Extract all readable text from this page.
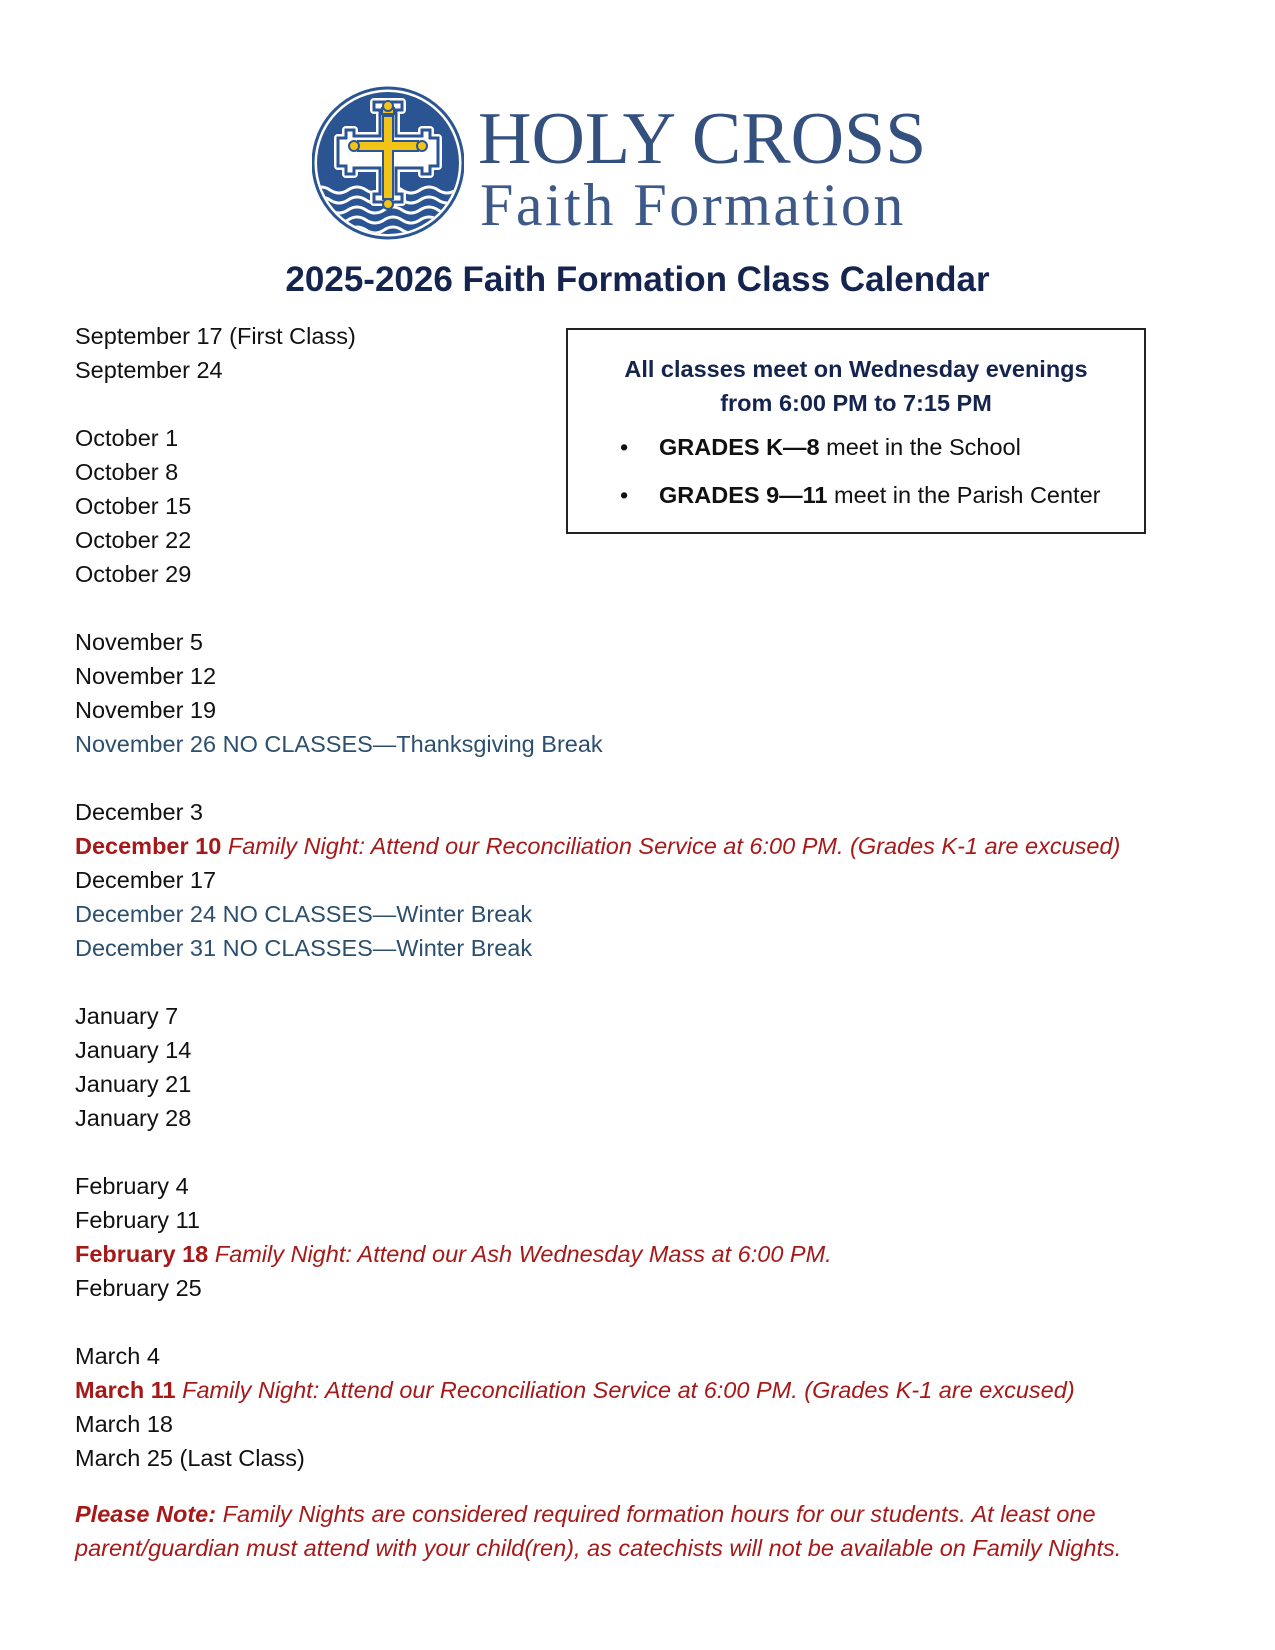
HOLY CROSS
Faith Formation
2025-2026 Faith Formation Class Calendar
September 17 (First Class)
September 24
October 1
October 8
October 15
October 22
October 29
November 5
November 12
November 19
November 26 NO CLASSES—Thanksgiving Break
December 3
December 10 Family Night: Attend our Reconciliation Service at 6:00 PM. (Grades K-1 are excused)
December 17
December 24 NO CLASSES—Winter Break
December 31 NO CLASSES—Winter Break
January 7
January 14
January 21
January 28
February 4
February 11
February 18 Family Night: Attend our Ash Wednesday Mass at 6:00 PM.
February 25
March 4
March 11 Family Night: Attend our Reconciliation Service at 6:00 PM. (Grades K-1 are excused)
March 18
March 25 (Last Class)
All classes meet on Wednesday evenings
from 6:00 PM to 7:15 PM
• GRADES K—8 meet in the School
• GRADES 9—11 meet in the Parish Center

Please Note: Family Nights are considered required formation hours for our students. At least one parent/guardian must attend with your child(ren), as catechists will not be available on Family Nights.
